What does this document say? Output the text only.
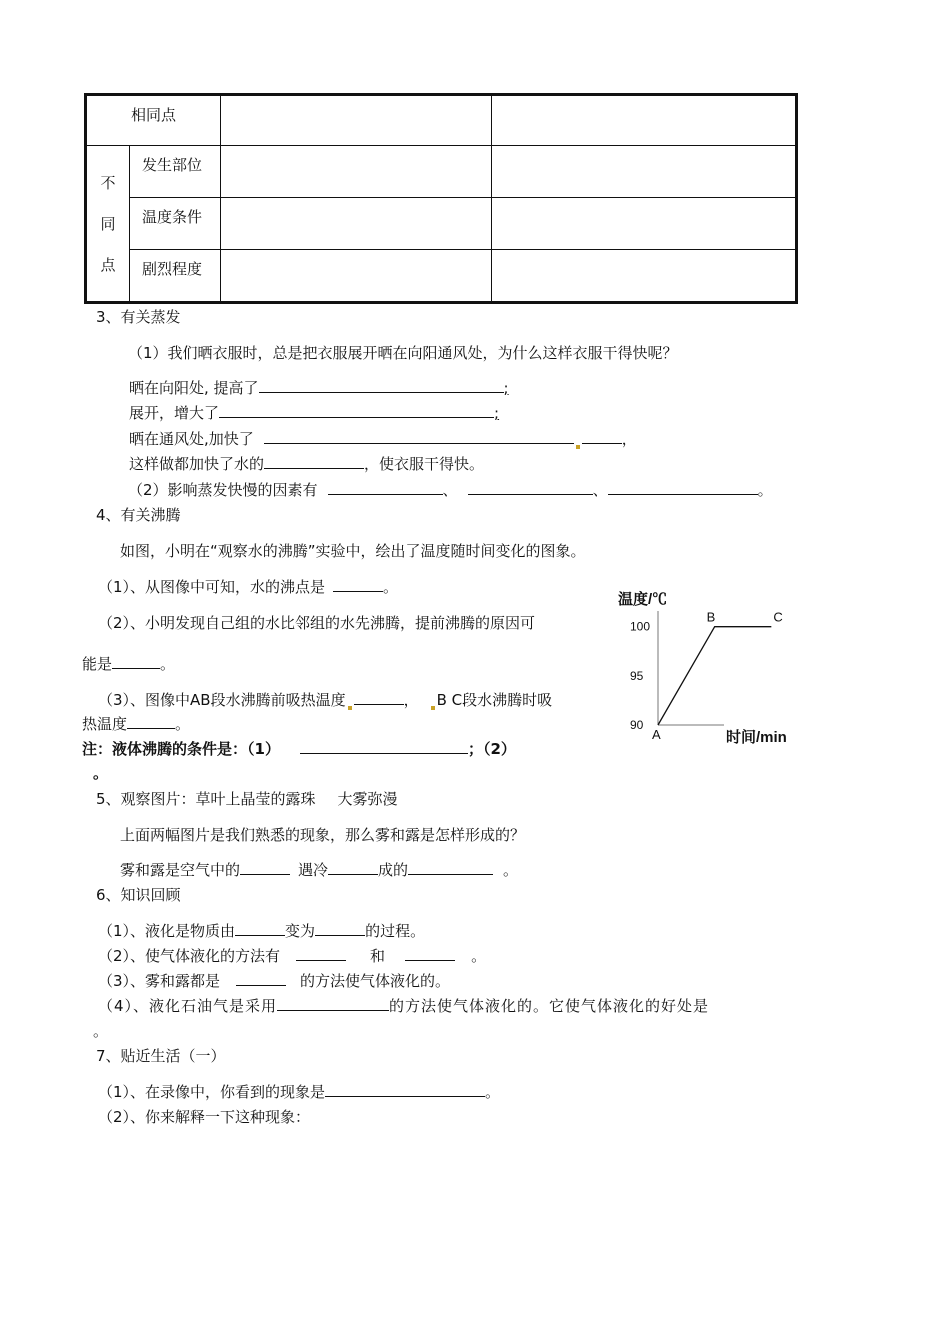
相同点			

不
同
点	发生部位		

	温度条件		

	剧烈程度		

3、有关蒸发
（1）我们晒衣服时，总是把衣服展开晒在向阳通风处，为什么这样衣服干得快呢？
晒在向阳处, 提高了	;
展开，增大了	;
晒在通风处,加快了	，
这样做都加快了水的	，使衣服干得快。
（2）影响蒸发快慢的因素有	、	、	。
4、有关沸腾
如图，小明在“观察水的沸腾”实验中，绘出了温度随时间变化的图象。
（1）、从图像中可知，水的沸点是	。
（2）、小明发现自己组的水比邻组的水先沸腾，提前沸腾的原因可
能是	。
（3）、图像中AB段水沸腾前吸热温度	， B C段水沸腾时吸
热温度	。
注：液体沸腾的条件是：（1）	；（2）
。
温度/℃
90
95
100
A
B	C
时间/min
5、观察图片：草叶上晶莹的露珠 大雾弥漫
上面两幅图片是我们熟悉的现象，那么雾和露是怎样形成的？
雾和露是空气中的	遇冷	成的	。
6、知识回顾
（1）、液化是物质由	变为	的过程。
（2）、使气体液化的方法有	和	。
（3）、雾和露都是	的方法使气体液化的。
（4）、液化石油气是采用	的方法使气体液化的。它使气体液化的好处是
。
7、贴近生活（一）
（1）、在录像中，你看到的现象是	。
（2）、你来解释一下这种现象：
